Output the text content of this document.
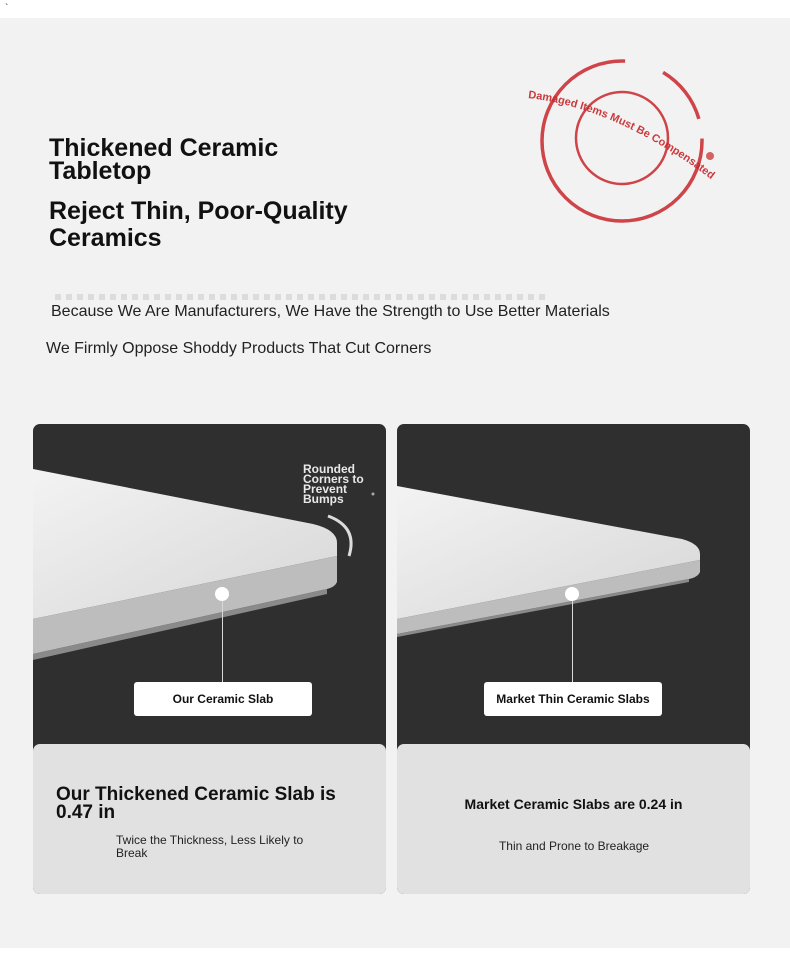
`
Thickened Ceramic Tabletop
Reject Thin, Poor-Quality Ceramics
Because We Are Manufacturers, We Have the Strength to Use Better Materials
We Firmly Oppose Shoddy Products That Cut Corners
Damaged Items Must Be Compensated
Rounded Corners to Prevent Bumps
Our Ceramic Slab
Our Thickened Ceramic Slab is 0.47 in
Twice the Thickness, Less Likely to Break
Market Thin Ceramic Slabs
Market Ceramic Slabs are 0.24 in
Thin and Prone to Breakage
